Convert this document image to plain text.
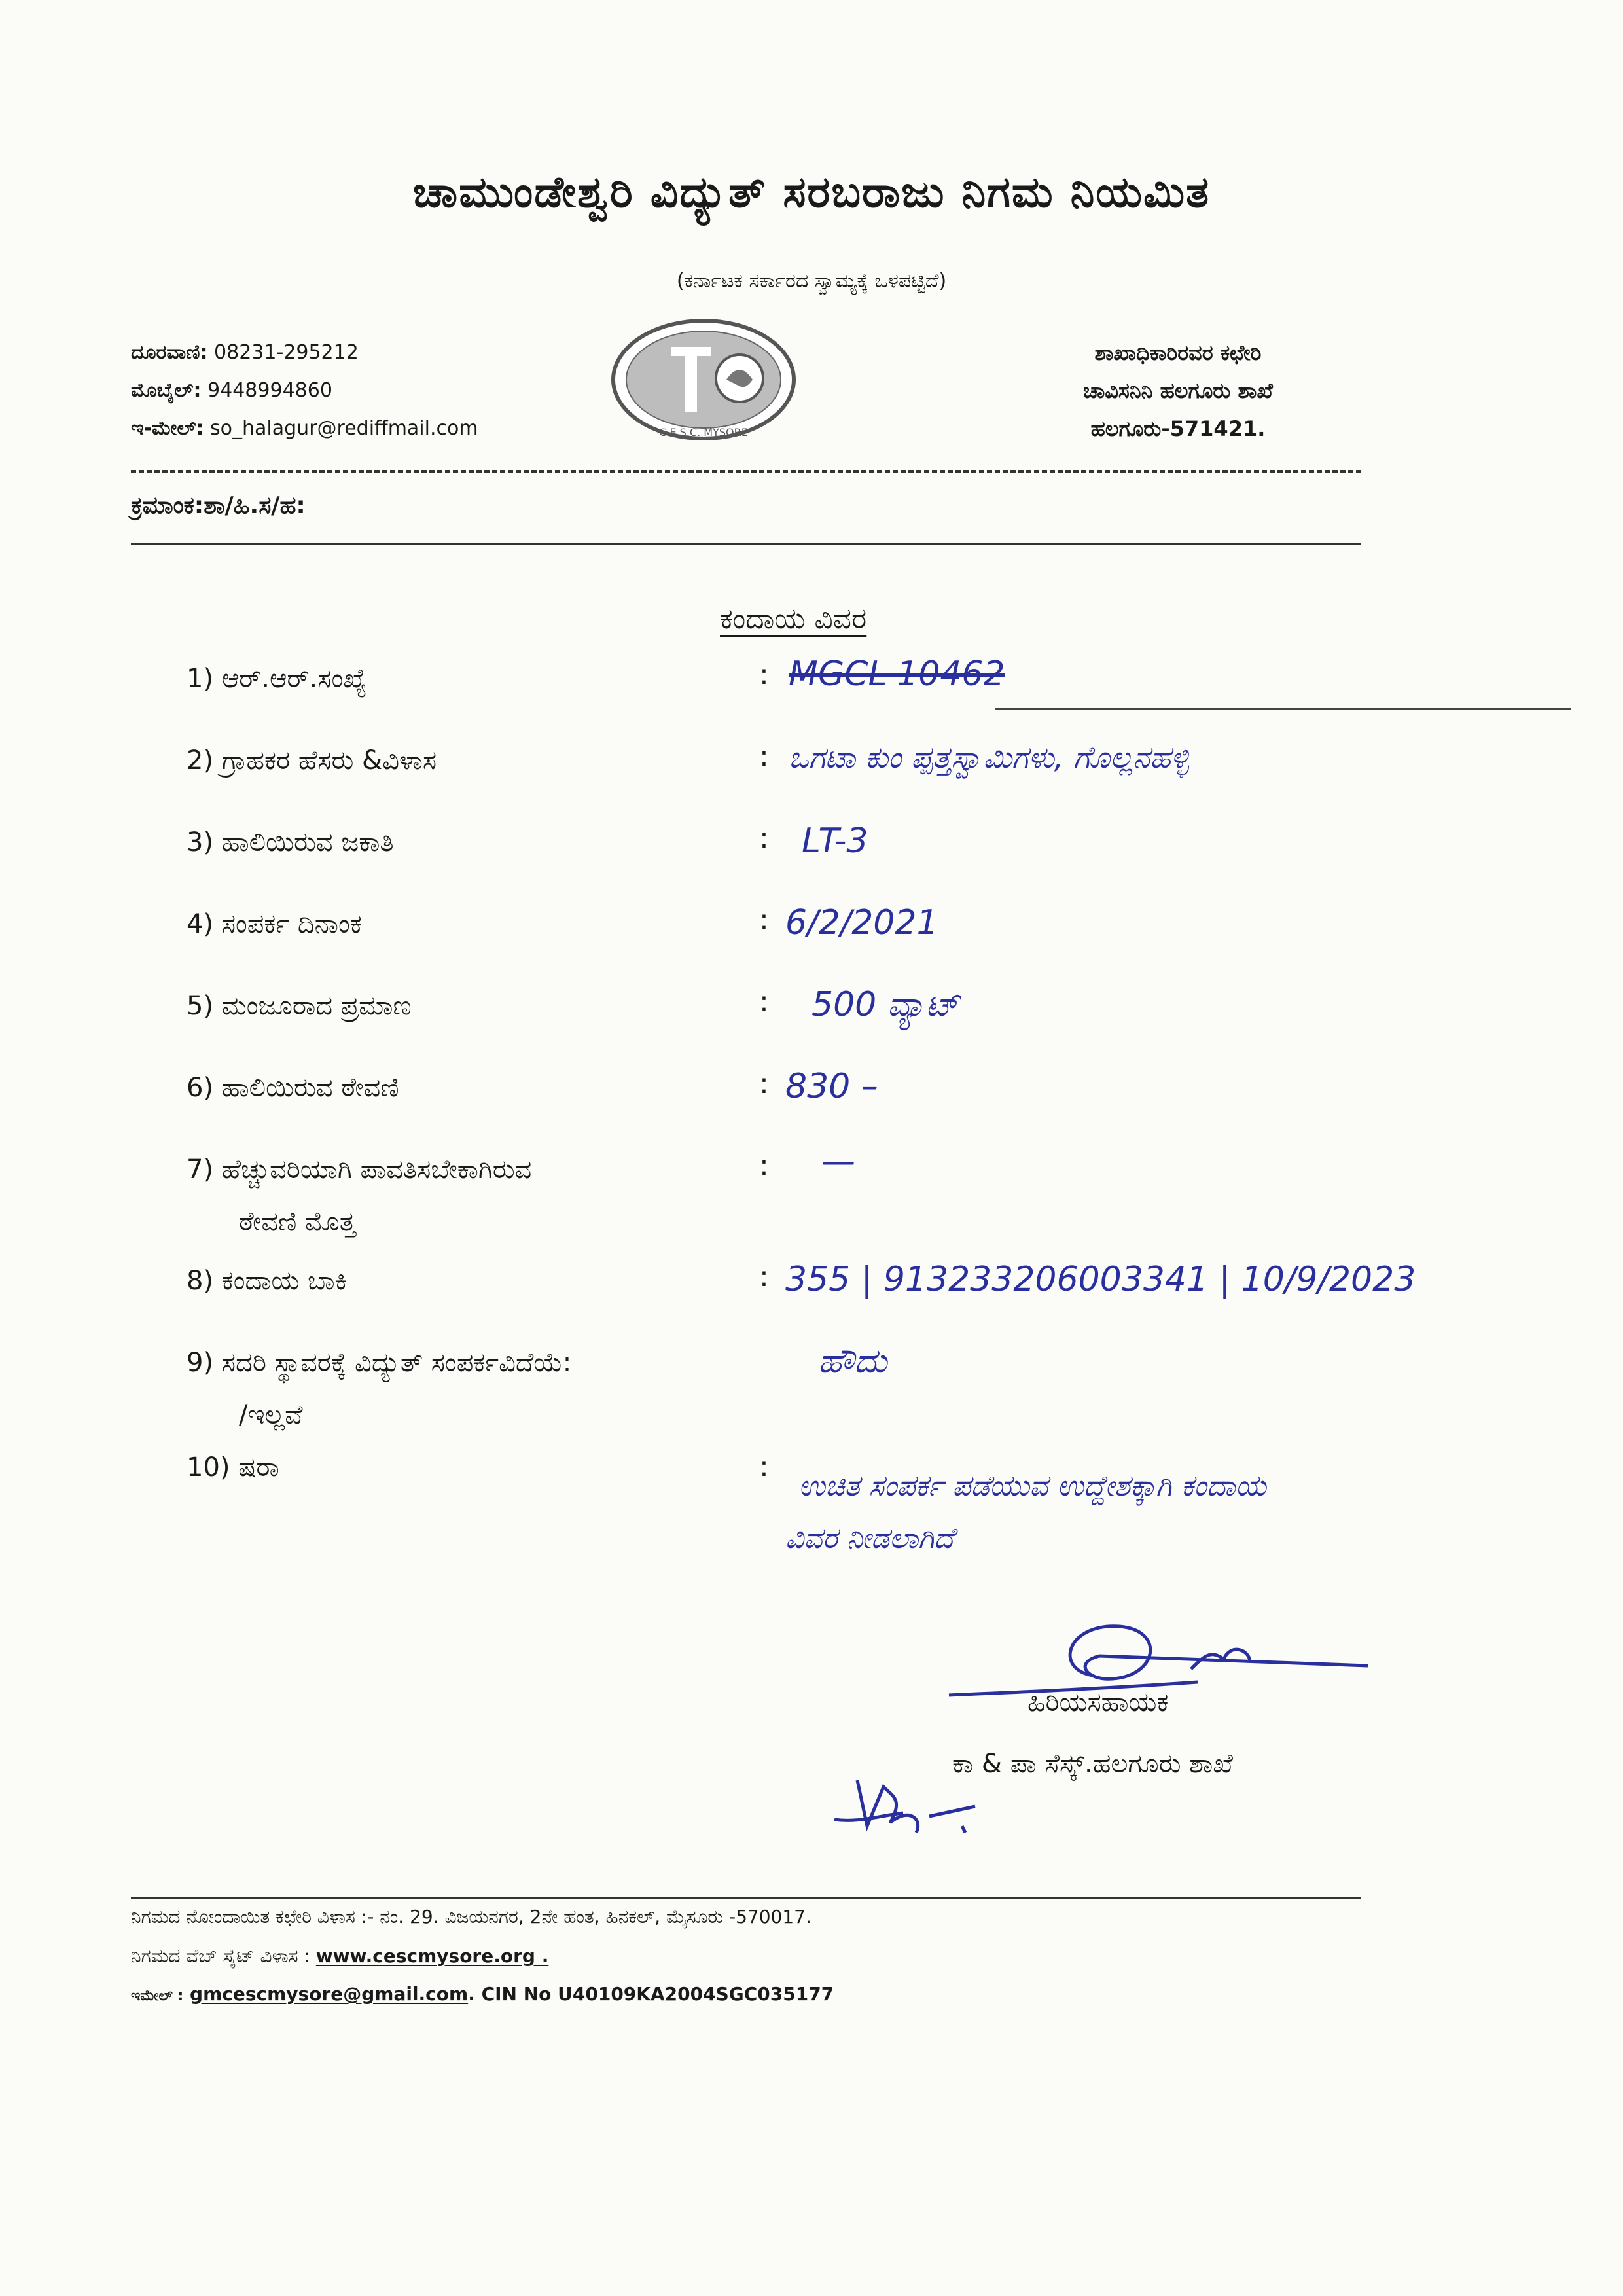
ಚಾಮುಂಡೇಶ್ವರಿ ವಿದ್ಯುತ್ ಸರಬರಾಜು ನಿಗಮ ನಿಯಮಿತ
(ಕರ್ನಾಟಕ ಸರ್ಕಾರದ ಸ್ವಾಮ್ಯಕ್ಕೆ ಒಳಪಟ್ಟಿದೆ)
ದೂರವಾಣಿ: 08231-295212
ಮೊಬೈಲ್: 9448994860
ಇ-ಮೇಲ್: so_halagur@rediffmail.com	C.E.S.C. MYSORE
ಶಾಖಾಧಿಕಾರಿರವರ ಕಛೇರಿ
ಚಾವಿಸನಿನಿ ಹಲಗೂರು ಶಾಖೆ
ಹಲಗೂರು-571421.
ಕ್ರಮಾಂಕ:ಶಾ/ಹಿ.ಸ/ಹ:
ಕಂದಾಯ ವಿವರ
1) ಆರ್.ಆರ್.ಸಂಖ್ಯೆ	: MGCL-10462
2) ಗ್ರಾಹಕರ ಹೆಸರು &ವಿಳಾಸ	: ಒಗಟಾ ಕುಂ ಪ್ಪತ್ತಸ್ವಾಮಿಗಳು, ಗೊಲ್ಲನಹಳ್ಳಿ
3) ಹಾಲಿಯಿರುವ ಜಕಾತಿ	: LT-3
4) ಸಂಪರ್ಕ ದಿನಾಂಕ	: 6/2/2021
5) ಮಂಜೂರಾದ ಪ್ರಮಾಣ	: 500 ವ್ಯಾಟ್
6) ಹಾಲಿಯಿರುವ ಠೇವಣಿ	: 830 –
7) ಹೆಚ್ಚುವರಿಯಾಗಿ ಪಾವತಿಸಬೇಕಾಗಿರುವ
ಠೇವಣಿ ಮೊತ್ತ
: —
8) ಕಂದಾಯ ಬಾಕಿ	: 355 | 913233206003341 | 10/9/2023
9) ಸದರಿ ಸ್ಥಾವರಕ್ಕೆ ವಿದ್ಯುತ್ ಸಂಪರ್ಕವಿದೆಯೆ:
/ಇಲ್ಲವೆ
ಹೌದು
10) ಷರಾ	:
ಉಚಿತ ಸಂಪರ್ಕ ಪಡೆಯುವ ಉದ್ದೇಶಕ್ಕಾಗಿ ಕಂದಾಯ
ವಿವರ ನೀಡಲಾಗಿದೆ
ಹಿರಿಯಸಹಾಯಕ
ಕಾ & ಪಾ ಸೆಸ್ಕ್.ಹಲಗೂರು ಶಾಖೆ
ನಿಗಮದ ನೋಂದಾಯಿತ ಕಛೇರಿ ವಿಳಾಸ :- ನಂ. 29. ವಿಜಯನಗರ, 2ನೇ ಹಂತ, ಹಿನಕಲ್, ಮೈಸೂರು -570017.
ನಿಗಮದ ವೆಬ್ ಸೈಟ್ ವಿಳಾಸ : www.cescmysore.org .
ಇಮೇಲ್ : gmcescmysore@gmail.com. CIN No U40109KA2004SGC035177
